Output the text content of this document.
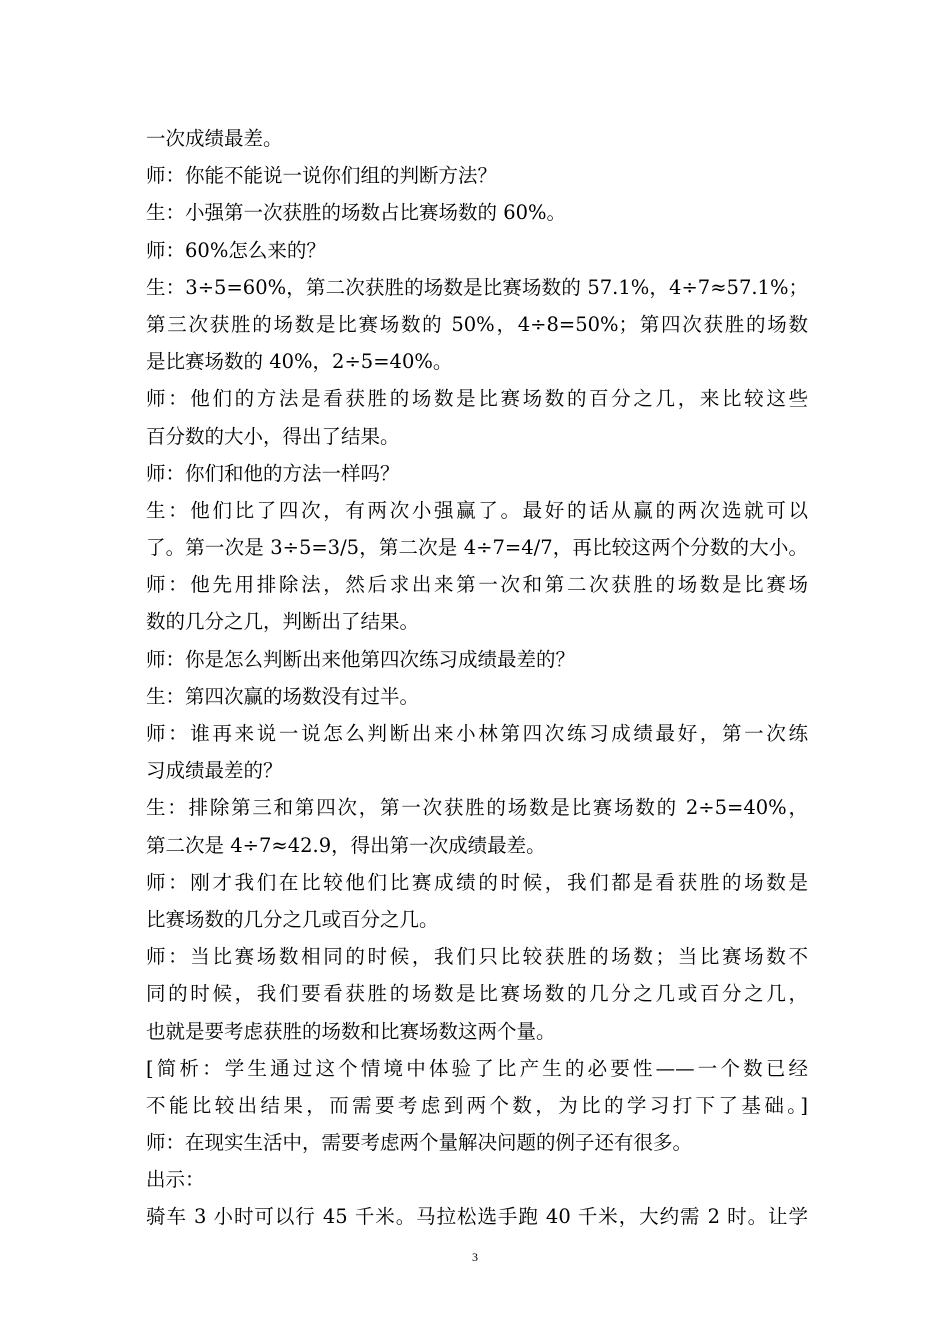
一次成绩最差。
师：你能不能说一说你们组的判断方法？
生：小强第一次获胜的场数占比赛场数的 60%。
师：60%怎么来的？
生：3÷5=60%，第二次获胜的场数是比赛场数的 57.1%，4÷7≈57.1%；
第三次获胜的场数是比赛场数的 50%，4÷8=50%；第四次获胜的场数
是比赛场数的 40%，2÷5=40%。
师：他们的方法是看获胜的场数是比赛场数的百分之几，来比较这些
百分数的大小，得出了结果。
师：你们和他的方法一样吗？
生：他们比了四次，有两次小强赢了。最好的话从赢的两次选就可以
了。第一次是 3÷5=3/5，第二次是 4÷7=4/7，再比较这两个分数的大小。
师：他先用排除法，然后求出来第一次和第二次获胜的场数是比赛场
数的几分之几，判断出了结果。
师：你是怎么判断出来他第四次练习成绩最差的？
生：第四次赢的场数没有过半。
师：谁再来说一说怎么判断出来小林第四次练习成绩最好，第一次练
习成绩最差的？
生：排除第三和第四次，第一次获胜的场数是比赛场数的 2÷5=40%，
第二次是 4÷7≈42.9，得出第一次成绩最差。
师：刚才我们在比较他们比赛成绩的时候，我们都是看获胜的场数是
比赛场数的几分之几或百分之几。
师：当比赛场数相同的时候，我们只比较获胜的场数；当比赛场数不
同的时候，我们要看获胜的场数是比赛场数的几分之几或百分之几，
也就是要考虑获胜的场数和比赛场数这两个量。
[简析：学生通过这个情境中体验了比产生的必要性——一个数已经
不能比较出结果，而需要考虑到两个数，为比的学习打下了基础。]
师：在现实生活中，需要考虑两个量解决问题的例子还有很多。
出示：
骑车 3 小时可以行 45 千米。马拉松选手跑 40 千米，大约需 2 时。让学
3
